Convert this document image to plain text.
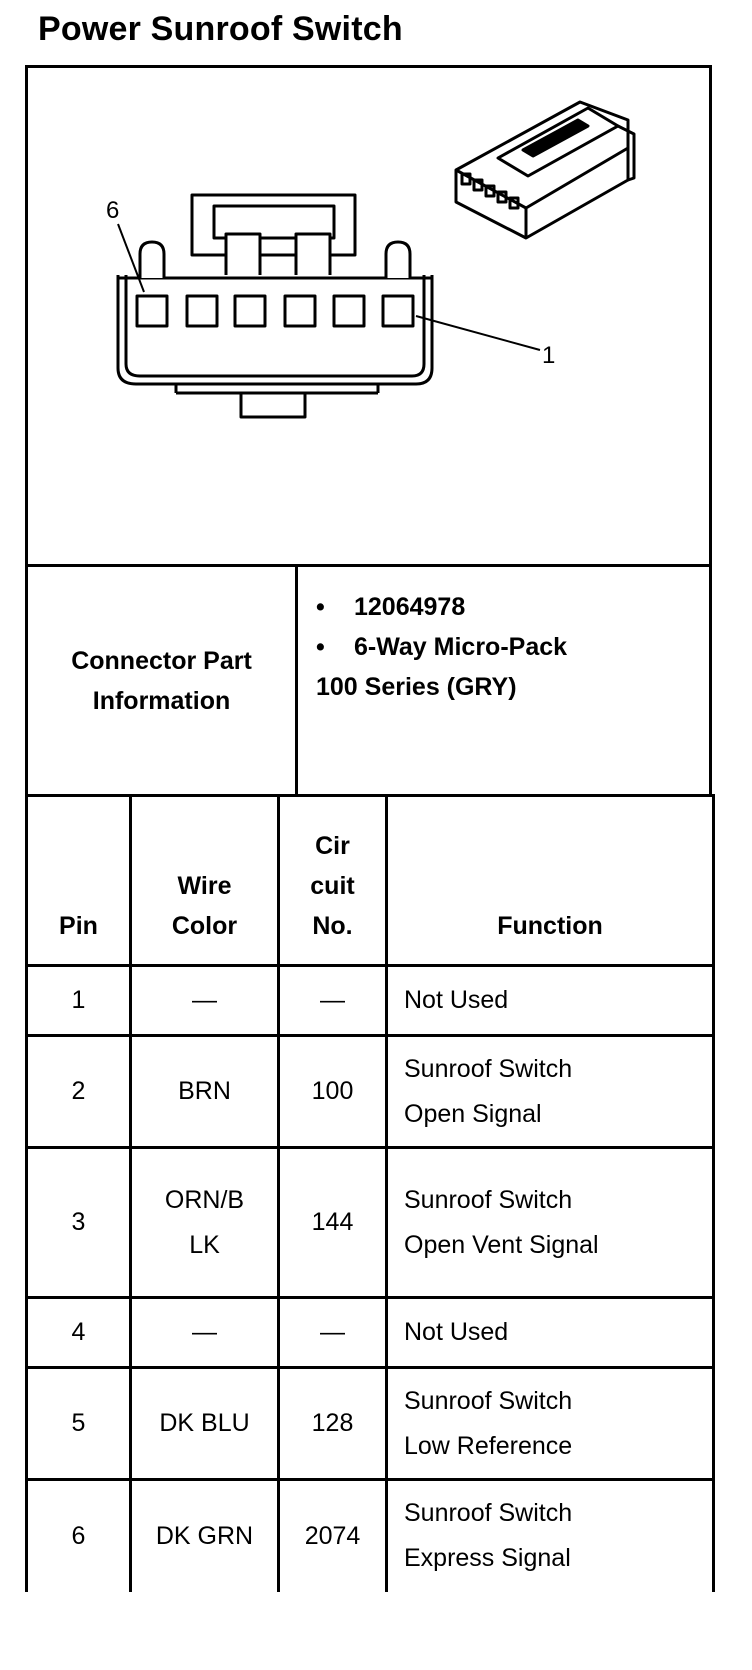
Power Sunroof Switch
6
1
Connector Part Information
• 12064978
• 6-Way Micro-Pack
100 Series (GRY)
Pin	Wire Color	Cir cuit No.	Function
1	—	—	Not Used

2	BRN	100	Sunroof Switch
Open Signal

3	ORN/BLK	144	Sunroof Switch
Open Vent Signal

4	—	—	Not Used

5	DK BLU	128	Sunroof Switch
Low Reference

6	DK GRN	2074	Sunroof Switch
Express Signal
